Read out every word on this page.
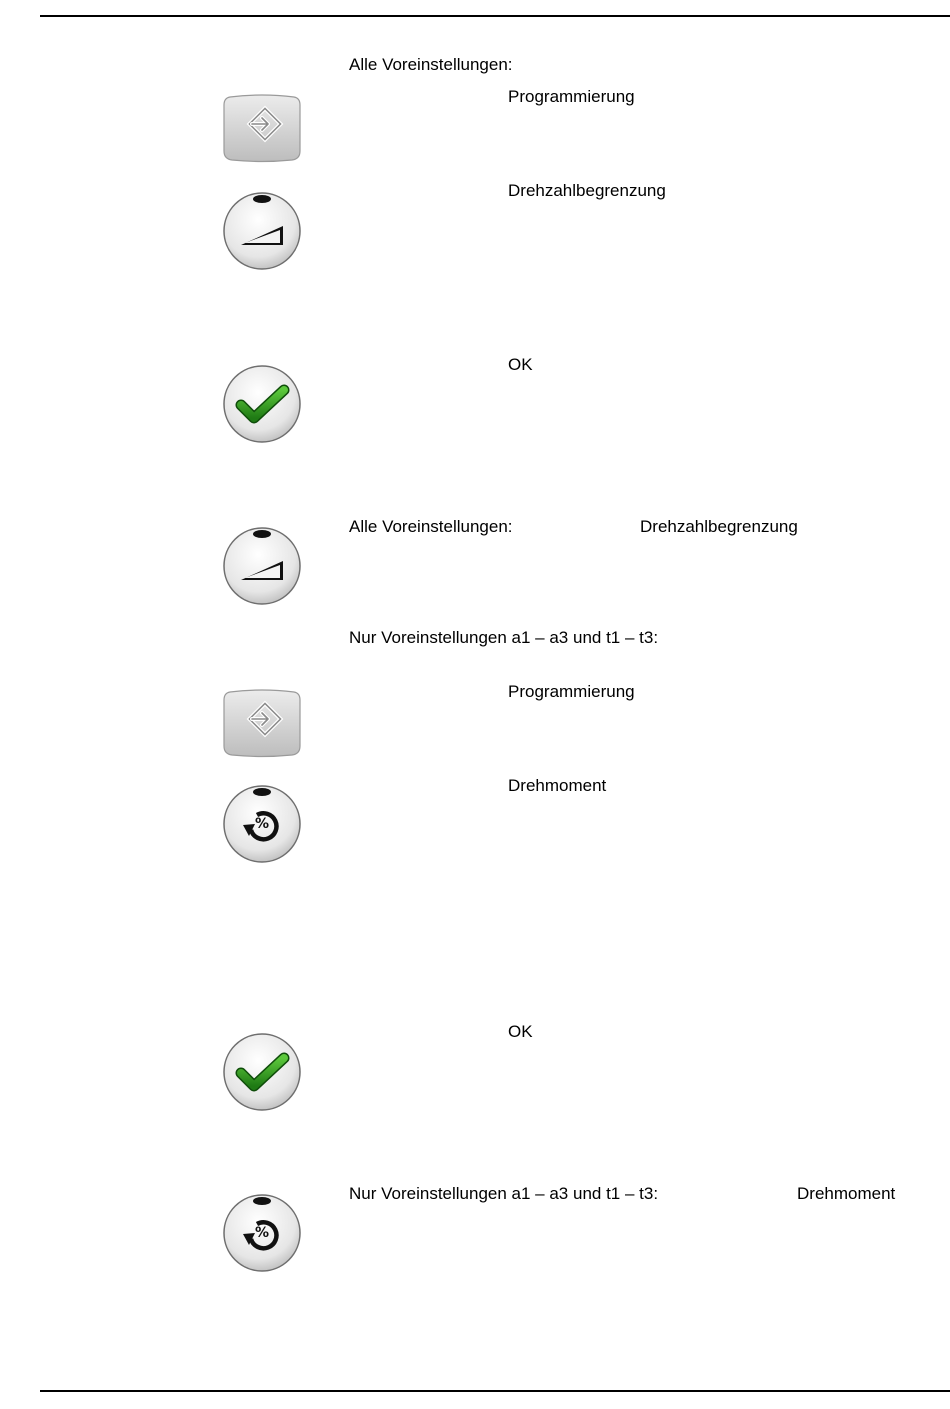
Alle Voreinstellungen:
Programmierung
Drehzahlbegrenzung
OK
Alle Voreinstellungen:	Drehzahlbegrenzung
Nur Voreinstellungen a1 – a3 und t1 – t3:
Programmierung
%
Drehmoment
OK
%
Nur Voreinstellungen a1 – a3 und t1 – t3:	Drehmoment
